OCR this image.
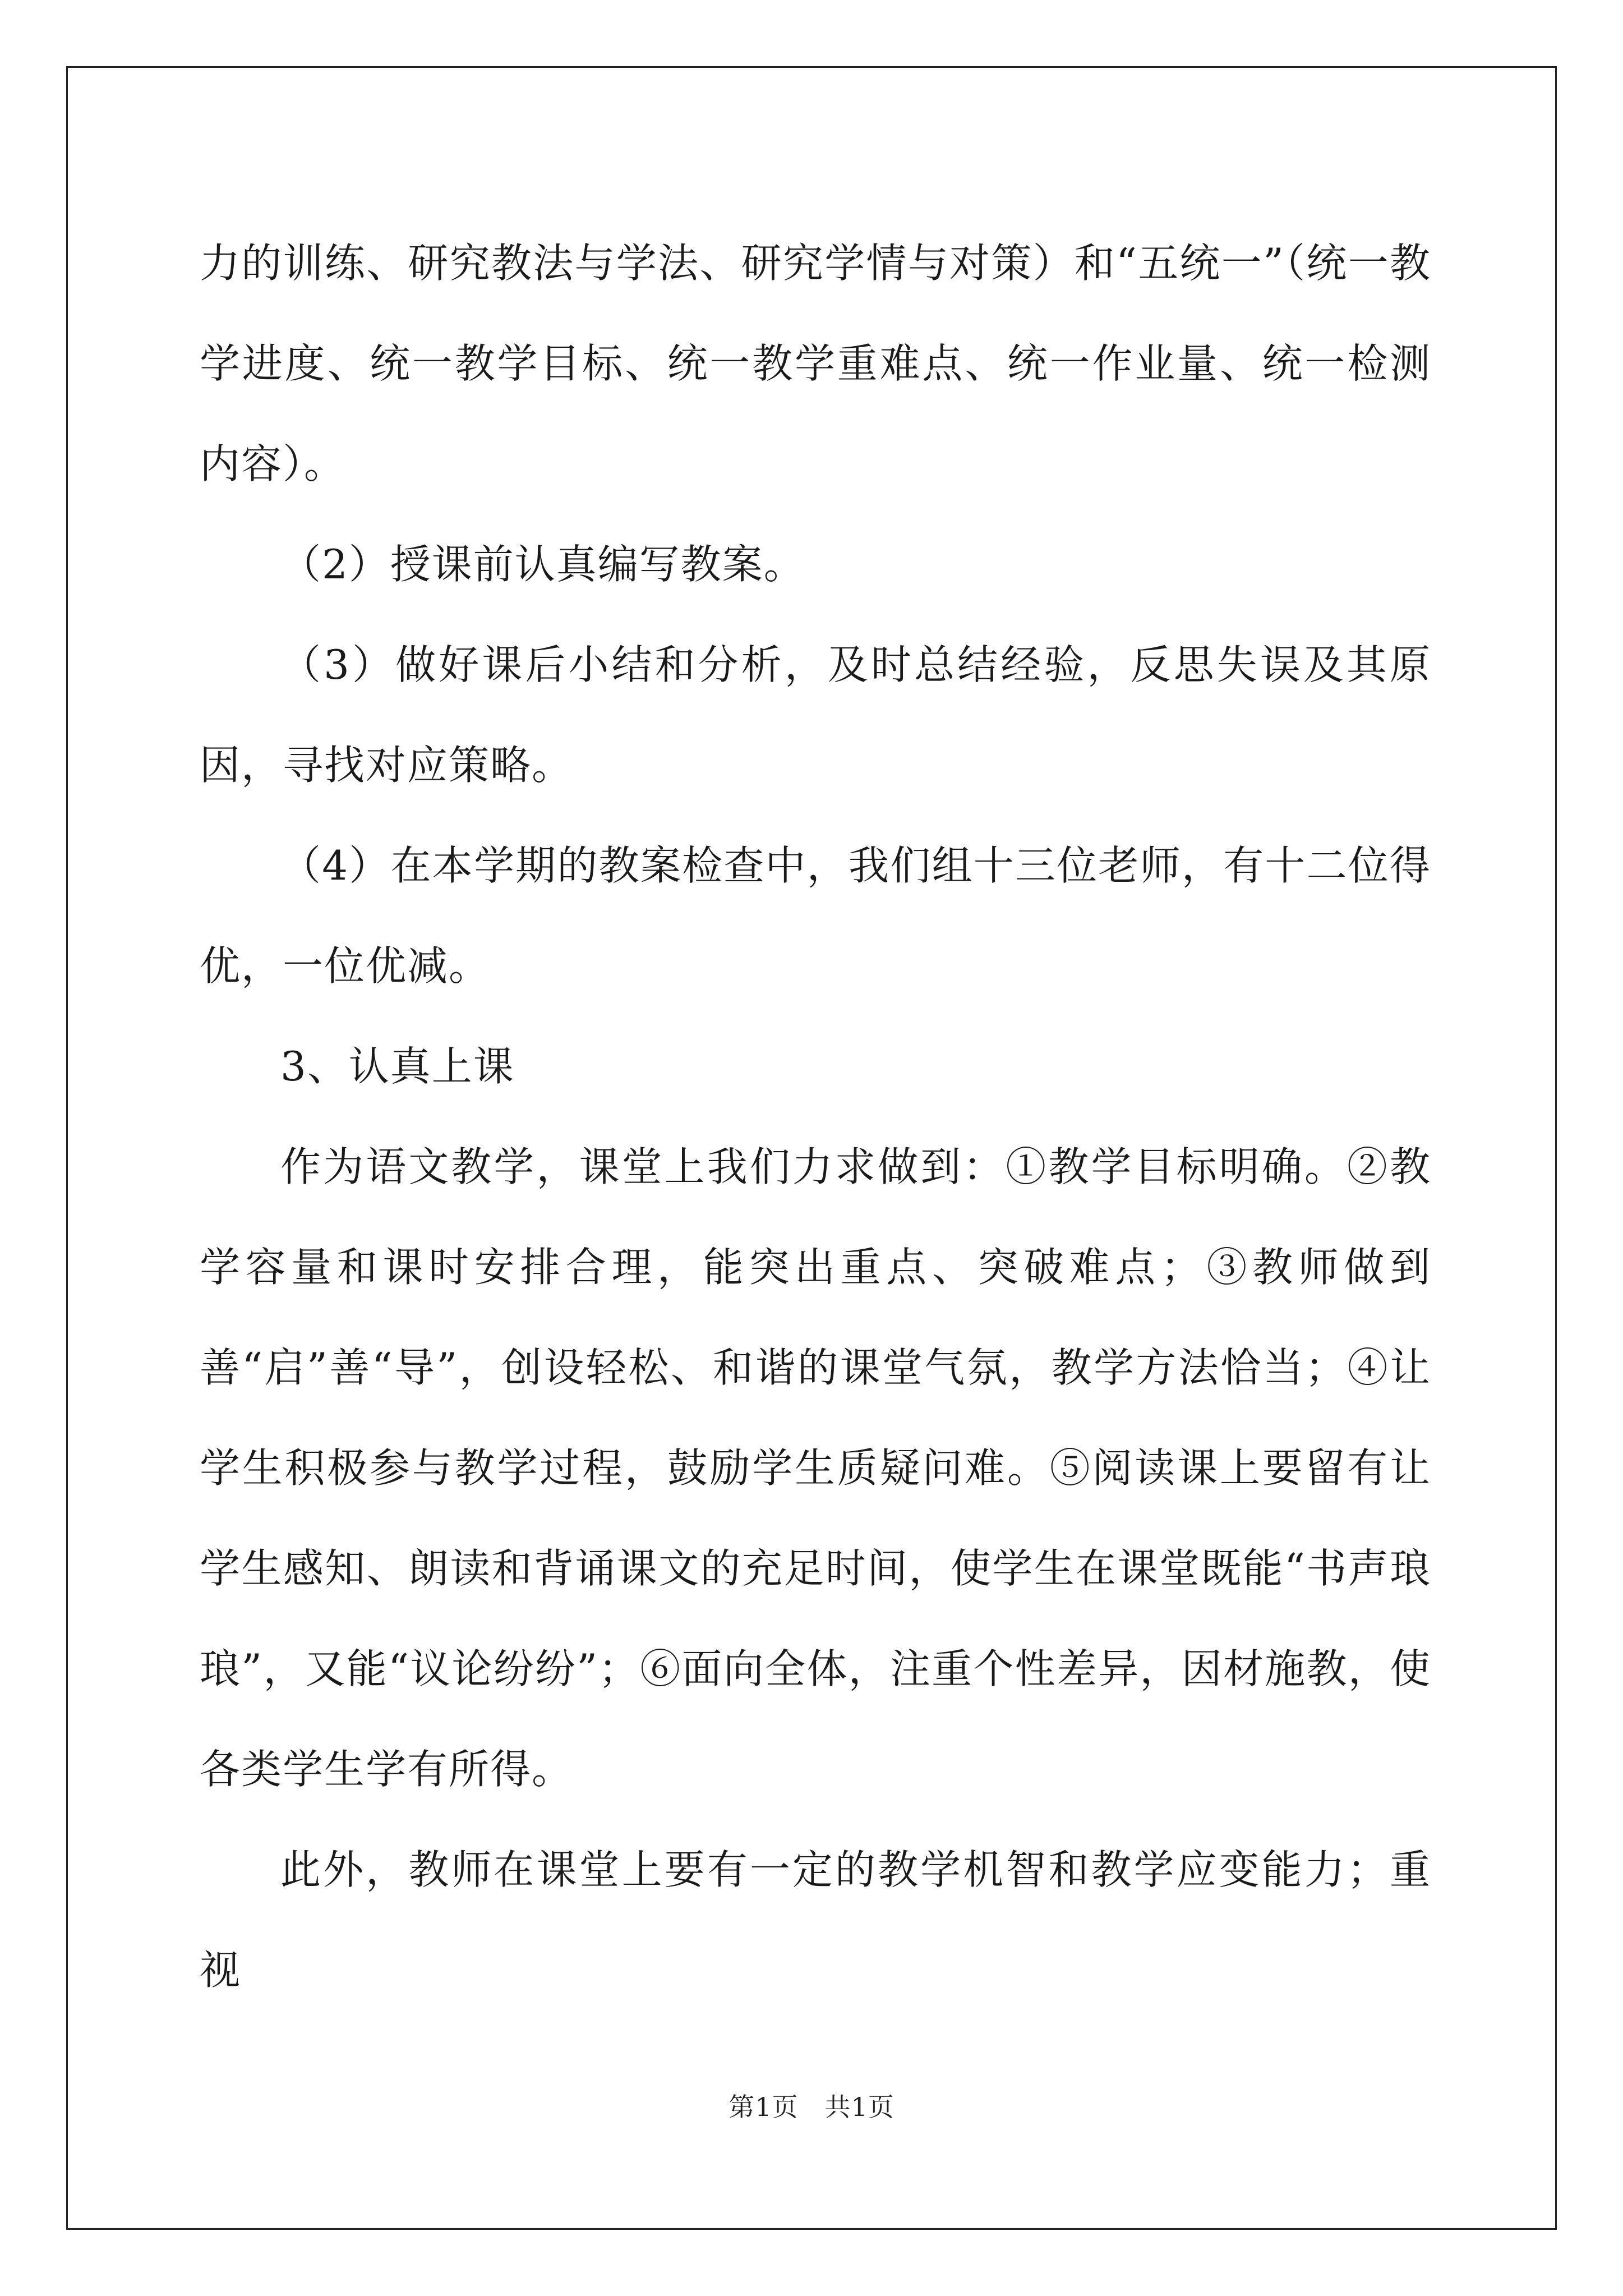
力的训练、研究教法与学法、研究学情与对策）和“五统一”（统一教学进度、统一教学目标、统一教学重难点、统一作业量、统一检测内容）。

（2）授课前认真编写教案。

（3）做好课后小结和分析，及时总结经验，反思失误及其原因，寻找对应策略。

（4）在本学期的教案检查中，我们组十三位老师，有十二位得优，一位优减。

3、认真上课

作为语文教学，课堂上我们力求做到：①教学目标明确。②教学容量和课时安排合理，能突出重点、突破难点；③教师做到善“启”善“导”，创设轻松、和谐的课堂气氛，教学方法恰当；④让学生积极参与教学过程，鼓励学生质疑问难。⑤阅读课上要留有让学生感知、朗读和背诵课文的充足时间，使学生在课堂既能“书声琅琅”，又能“议论纷纷”；⑥面向全体，注重个性差异，因材施教，使各类学生学有所得。

此外，教师在课堂上要有一定的教学机智和教学应变能力；重视

第1页　共1页
